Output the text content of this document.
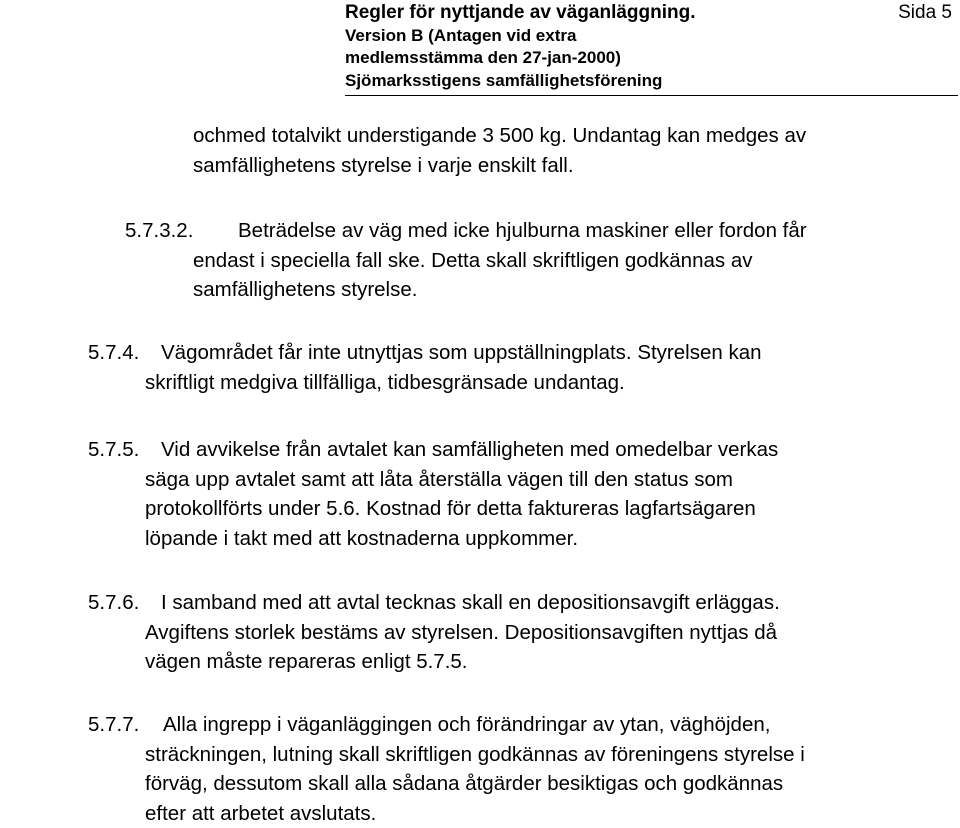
Regler för nyttjande av väganläggning.	Sida 5
Version B (Antagen vid extra
medlemsstämma den 27-jan-2000)
Sjömarksstigens samfällighetsförening
ochmed totalvikt understigande 3 500 kg. Undantag kan medges av
samfällighetens styrelse i varje enskilt fall.
5.7.3.2.	Beträdelse av väg med icke hjulburna maskiner eller fordon får
endast i speciella fall ske. Detta skall skriftligen godkännas av
samfällighetens styrelse.
5.7.4.	Vägområdet får inte utnyttjas som uppställningplats. Styrelsen kan
skriftligt medgiva tillfälliga, tidbesgränsade undantag.
5.7.5.	Vid avvikelse från avtalet kan samfälligheten med omedelbar verkas
säga upp avtalet samt att låta återställa vägen till den status som
protokollförts under 5.6. Kostnad för detta faktureras lagfartsägaren
löpande i takt med att kostnaderna uppkommer.
5.7.6.	I samband med att avtal tecknas skall en depositionsavgift erläggas.
Avgiftens storlek bestäms av styrelsen. Depositionsavgiften nyttjas då
vägen måste repareras enligt 5.7.5.
5.7.7.	Alla ingrepp i väganläggingen och förändringar av ytan, väghöjden,
sträckningen, lutning skall skriftligen godkännas av föreningens styrelse i
förväg, dessutom skall alla sådana åtgärder besiktigas och godkännas
efter att arbetet avslutats.
